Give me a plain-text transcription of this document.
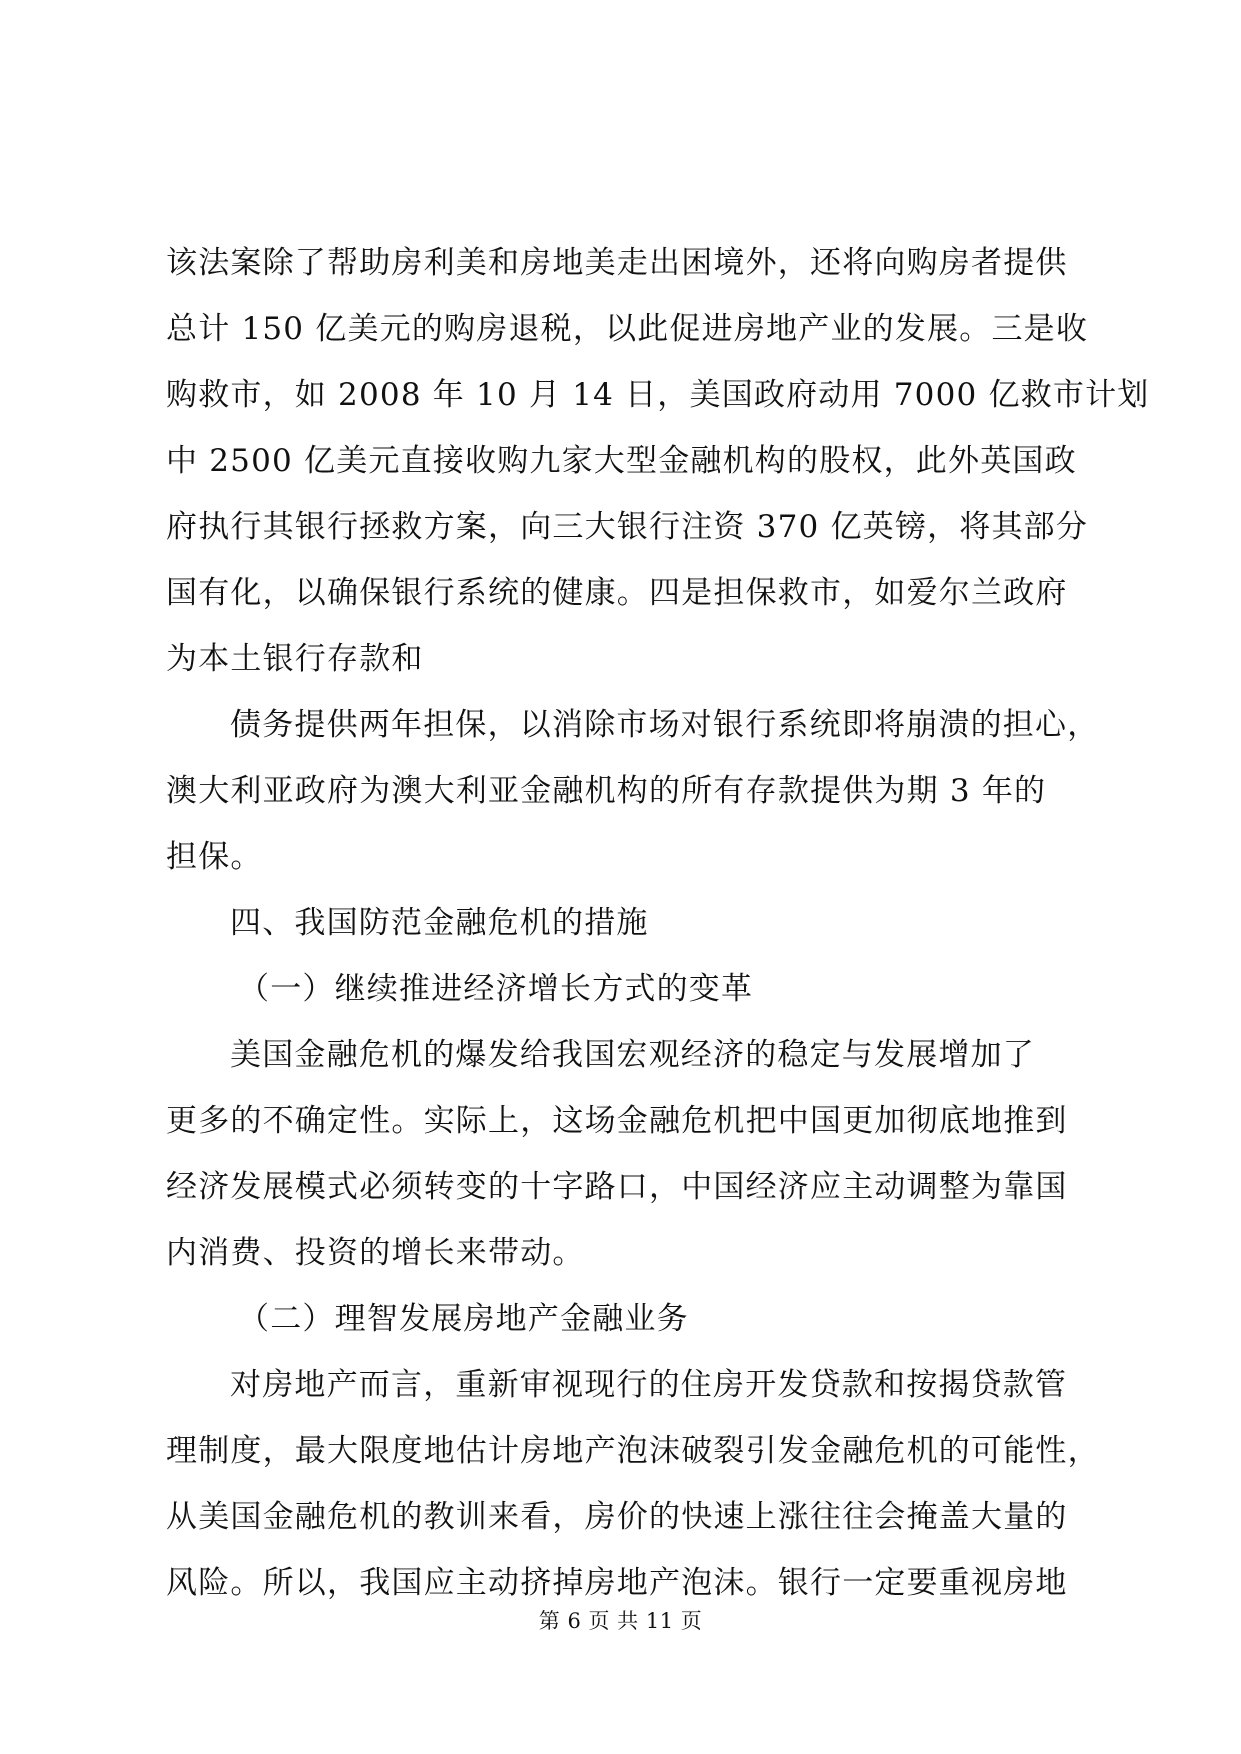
该法案除了帮助房利美和房地美走出困境外，还将向购房者提供
总计 150 亿美元的购房退税，以此促进房地产业的发展。三是收
购救市，如 2008 年 10 月 14 日，美国政府动用 7000 亿救市计划
中 2500 亿美元直接收购九家大型金融机构的股权，此外英国政
府执行其银行拯救方案，向三大银行注资 370 亿英镑，将其部分
国有化，以确保银行系统的健康。四是担保救市，如爱尔兰政府
为本土银行存款和
债务提供两年担保，以消除市场对银行系统即将崩溃的担心，
澳大利亚政府为澳大利亚金融机构的所有存款提供为期 3 年的
担保。
四、我国防范金融危机的措施
（一）继续推进经济增长方式的变革
美国金融危机的爆发给我国宏观经济的稳定与发展增加了
更多的不确定性。实际上，这场金融危机把中国更加彻底地推到
经济发展模式必须转变的十字路口，中国经济应主动调整为靠国
内消费、投资的增长来带动。
（二）理智发展房地产金融业务
对房地产而言，重新审视现行的住房开发贷款和按揭贷款管
理制度，最大限度地估计房地产泡沫破裂引发金融危机的可能性，
从美国金融危机的教训来看，房价的快速上涨往往会掩盖大量的
风险。所以，我国应主动挤掉房地产泡沫。银行一定要重视房地
第 6 页 共 11 页
